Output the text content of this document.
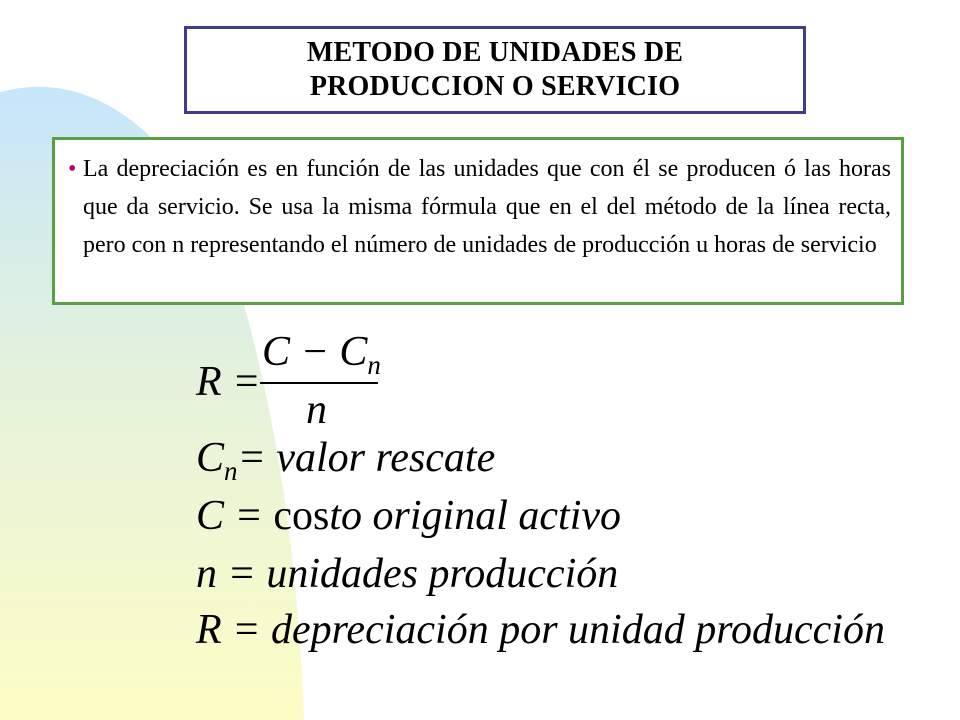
METODO DE UNIDADES DE
PRODUCCION O SERVICIO
• La depreciación es en función de las unidades que con él se producen ó las horas que da servicio. Se usa la misma fórmula que en el del método de la línea recta, pero con n representando el número de unidades de producción u horas de servicio
R =
$C - C_n$
n
$C_n=$ valor rescate
C = costo original activo
n = unidades producción
R = depreciación por unidad producción
